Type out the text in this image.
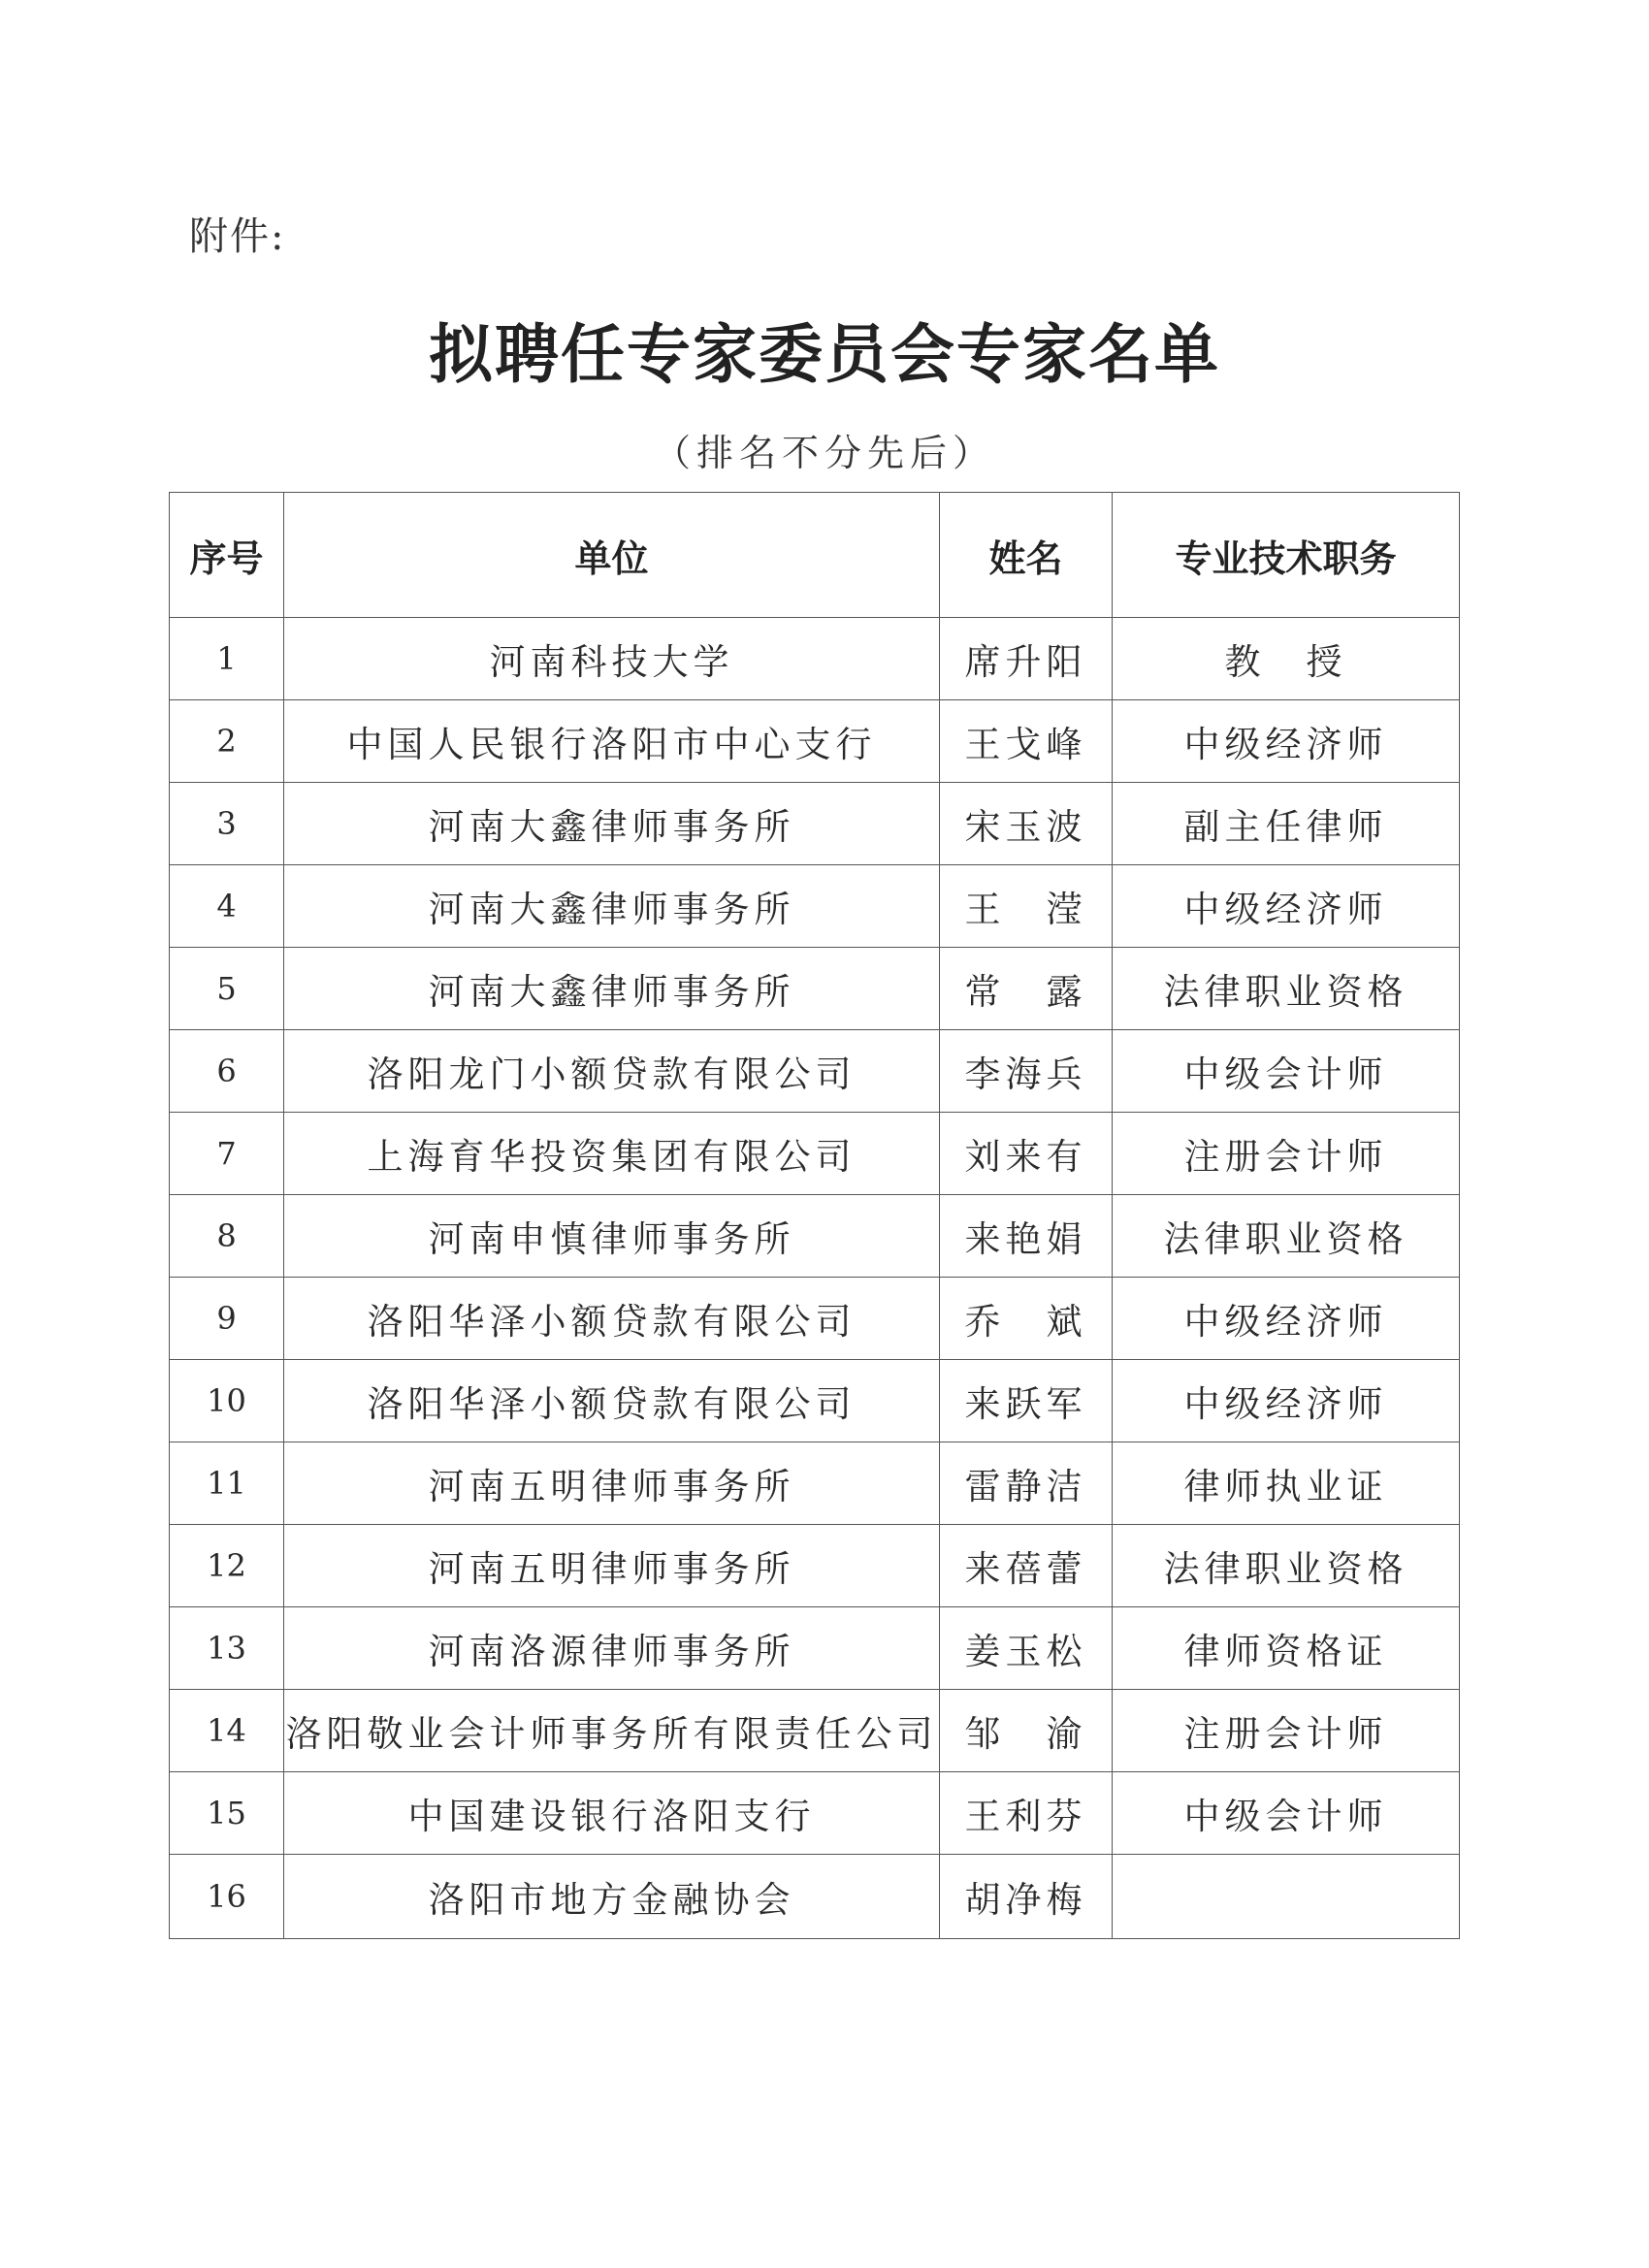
附件:
拟聘任专家委员会专家名单
（排名不分先后）
序号	单位	姓名	专业技术职务
1	河南科技大学	席升阳	教　授
2	中国人民银行洛阳市中心支行	王戈峰	中级经济师
3	河南大鑫律师事务所	宋玉波	副主任律师
4	河南大鑫律师事务所	王　滢	中级经济师
5	河南大鑫律师事务所	常　露	法律职业资格
6	洛阳龙门小额贷款有限公司	李海兵	中级会计师
7	上海育华投资集团有限公司	刘来有	注册会计师
8	河南申慎律师事务所	来艳娟	法律职业资格
9	洛阳华泽小额贷款有限公司	乔　斌	中级经济师
10	洛阳华泽小额贷款有限公司	来跃军	中级经济师
11	河南五明律师事务所	雷静洁	律师执业证
12	河南五明律师事务所	来蓓蕾	法律职业资格
13	河南洛源律师事务所	姜玉松	律师资格证
14	洛阳敬业会计师事务所有限责任公司	邹　渝	注册会计师
15	中国建设银行洛阳支行	王利芬	中级会计师
16	洛阳市地方金融协会	胡净梅	
